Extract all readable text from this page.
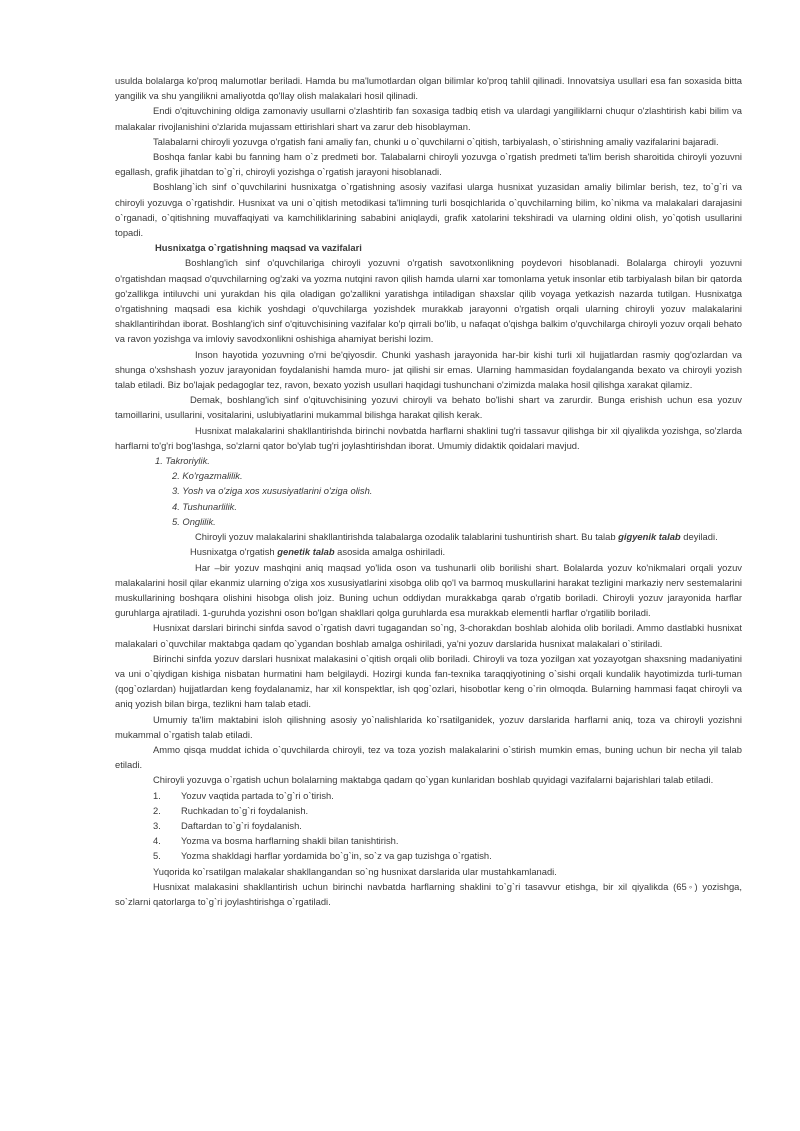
usulda bolalarga ko'proq malumotlar beriladi. Hamda bu ma'lumotlardan olgan bilimlar ko'proq tahlil qilinadi. Innovatsiya usullari esa fan soxasida bitta yangilik va shu yangilikni amaliyotda qo'llay olish malakalari hosil qilinadi.

Endi o'qituvchining oldiga zamonaviy usullarni o'zlashtirib fan soxasiga tadbiq etish va ulardagi yangiliklarni chuqur o'zlashtirish kabi bilim va malakalar rivojlanishini o'zlarida mujassam ettirishlari shart va zarur deb hisoblayman.

Talabalarni chiroyli yozuvga o'rgatish fani amaliy fan, chunki u o`quvchilarni o`qitish, tarbiyalash, o`stirishning amaliy vazifalarini bajaradi.

Boshqa fanlar kabi bu fanning ham o`z predmeti bor. Talabalarni chiroyli yozuvga o`rgatish predmeti ta'lim berish sharoitida chiroyli yozuvni egallash, grafik jihatdan to`g`ri, chiroyli yozishga o`rgatish jarayoni hisoblanadi.

Boshlang`ich sinf o`quvchilarini husnixatga o`rgatishning asosiy vazifasi ularga husnixat yuzasidan amaliy bilimlar berish, tez, to`g`ri va chiroyli yozuvga o`rgatishdir. Husnixat va uni o`qitish metodikasi ta'limning turli bosqichlarida o`quvchilarning bilim, ko`nikma va malakalari darajasini o`rganadi, o`qitishning muvaffaqiyati va kamchiliklarining sababini aniqlaydi, grafik xatolarini tekshiradi va ularning oldini olish, yo`qotish usullarini topadi.

Husnixatga o`rgatishning maqsad va vazifalari

Boshlang'ich sinf o'quvchilariga chiroyli yozuvni o'rgatish savotxonlikning poydevori hisoblanadi. Bolalarga chiroyli yozuvni o'rgatishdan maqsad o'quvchilarning og'zaki va yozma nutqini ravon qilish hamda ularni xar tomonlama yetuk insonlar etib tarbiyalash bilan bir qatorda go'zallikga intiluvchi uni yurakdan his qila oladigan go'zallikni yaratishga intiladigan shaxslar qilib voyaga yetkazish nazarda tutilgan. Husnixatga o'rgatishning maqsadi esa kichik yoshdagi o'quvchilarga yozishdek murakkab jarayonni o'rgatish orqali ularning chiroyli yozuv malakalarini shakllantirihdan iborat. Boshlang'ich sinf o'qituvchisining vazifalar ko'p qirrali bo'lib, u nafaqat o'qishga balkim o'quvchilarga chiroyli yozuv orqali behato va ravon yozishga va imloviy savodxonlikni oshishiga ahamiyat berishi lozim.

Inson hayotida yozuvning o'rni be'qiyosdir. Chunki yashash jarayonida har-bir kishi turli xil hujjatlardan rasmiy qog'ozlardan va shunga o'xshshash yozuv jarayonidan foydalanishi hamda muro- jat qilishi sir emas. Ularning hammasidan foydalanganda bexato va chiroyli yozish talab etiladi. Biz bo'lajak pedagoglar tez, ravon, bexato yozish usullari haqidagi tushunchani o'zimizda malaka hosil qilishga xarakat qilamiz.

Demak, boshlang'ich sinf o'qituvchisining yozuvi chiroyli va behato bo'lishi shart va zarurdir. Bunga erishish uchun esa yozuv tamoillarini, usullarini, vositalarini, uslubiyatlarini mukammal bilishga harakat qilish kerak.

Husnixat malakalarini shakllantirishda birinchi novbatda harflarni shaklini tug'ri tassavur qilishga bir xil qiyalikda yozishga, so'zlarda harflarni to'g'ri bog'lashga, so'zlarni qator bo'ylab tug'ri joylashtirishdan iborat. Umumiy didaktik qoidalari mavjud.

1. Takroriylik.
2. Ko'rgazmalilik.
3. Yosh va o'ziga xos xususiyatlarini o'ziga olish.
4. Tushunarlilik.
5. Onglilik.

Chiroyli yozuv malakalarini shakllantirishda talabalarga ozodalik talablarini tushuntirish shart. Bu talab gigyenik talab deyiladi.

Husnixatga o'rgatish genetik talab asosida amalga oshiriladi.

Har –bir yozuv mashqini aniq maqsad yo'lida oson va tushunarli olib borilishi shart. Bolalarda yozuv ko'nikmalari orqali yozuv malakalarini hosil qilar ekanmiz ularning o'ziga xos xususiyatlarini xisobga olib qo'l va barmoq muskullarini harakat tezligini markaziy nerv sestemalarini muskullarining boshqara olishini hisobga olish joiz. Buning uchun oddiydan murakkabga qarab o'rgatib boriladi. Chiroyli yozuv jarayonida harflar guruhlarga ajratiladi. 1-guruhda yozishni oson bo'lgan shakllari qolga guruhlarda esa murakkab elementli harflar o'rgatilib boriladi.

Husnixat darslari birinchi sinfda savod o`rgatish davri tugagandan so`ng, 3-chorakdan boshlab alohida olib boriladi. Ammo dastlabki husnixat malakalari o`quvchilar maktabga qadam qo`ygandan boshlab amalga oshiriladi, ya'ni yozuv darslarida husnixat malakalari o`stiriladi.

Birinchi sinfda yozuv darslari husnixat malakasini o`qitish orqali olib boriladi. Chiroyli va toza yozilgan xat yozayotgan shaxsning madaniyatini va uni o`qiydigan kishiga nisbatan hurmatini ham belgilaydi. Hozirgi kunda fan-texnika taraqqiyotining o`sishi orqali kundalik hayotimizda turli-tuman (qog`ozlardan) hujjatlardan keng foydalanamiz, har xil konspektlar, ish qog`ozlari, hisobotlar keng o`rin olmoqda. Bularning hammasi faqat chiroyli va aniq yozish bilan birga, tezlikni ham talab etadi.

Umumiy ta'lim maktabini isloh qilishning asosiy yo`nalishlarida ko`rsatilganidek, yozuv darslarida harflarni aniq, toza va chiroyli yozishni mukammal o`rgatish talab etiladi.

Ammo qisqa muddat ichida o`quvchilarda chiroyli, tez va toza yozish malakalarini o`stirish mumkin emas, buning uchun bir necha yil talab etiladi.

Chiroyli yozuvga o`rgatish uchun bolalarning maktabga qadam qo`ygan kunlaridan boshlab quyidagi vazifalarni bajarishlari talab etiladi.

1.	Yozuv vaqtida partada to`g`ri o`tirish.
2.	Ruchkadan to`g`ri foydalanish.
3.	Daftardan to`g`ri foydalanish.
4.	Yozma va bosma harflarning shakli bilan tanishtirish.
5.	Yozma shakldagi harflar yordamida bo`g`in, so`z va gap tuzishga o`rgatish.

Yuqorida ko`rsatilgan malakalar shakllangandan so`ng husnixat darslarida ular mustahkamlanadi.

Husnixat malakasini shakllantirish uchun birinchi navbatda harflarning shaklini to`g`ri tasavvur etishga, bir xil qiyalikda (65◦) yozishga, so`zlarni qatorlarga to`g`ri joylashtirishga o`rgatiladi.
